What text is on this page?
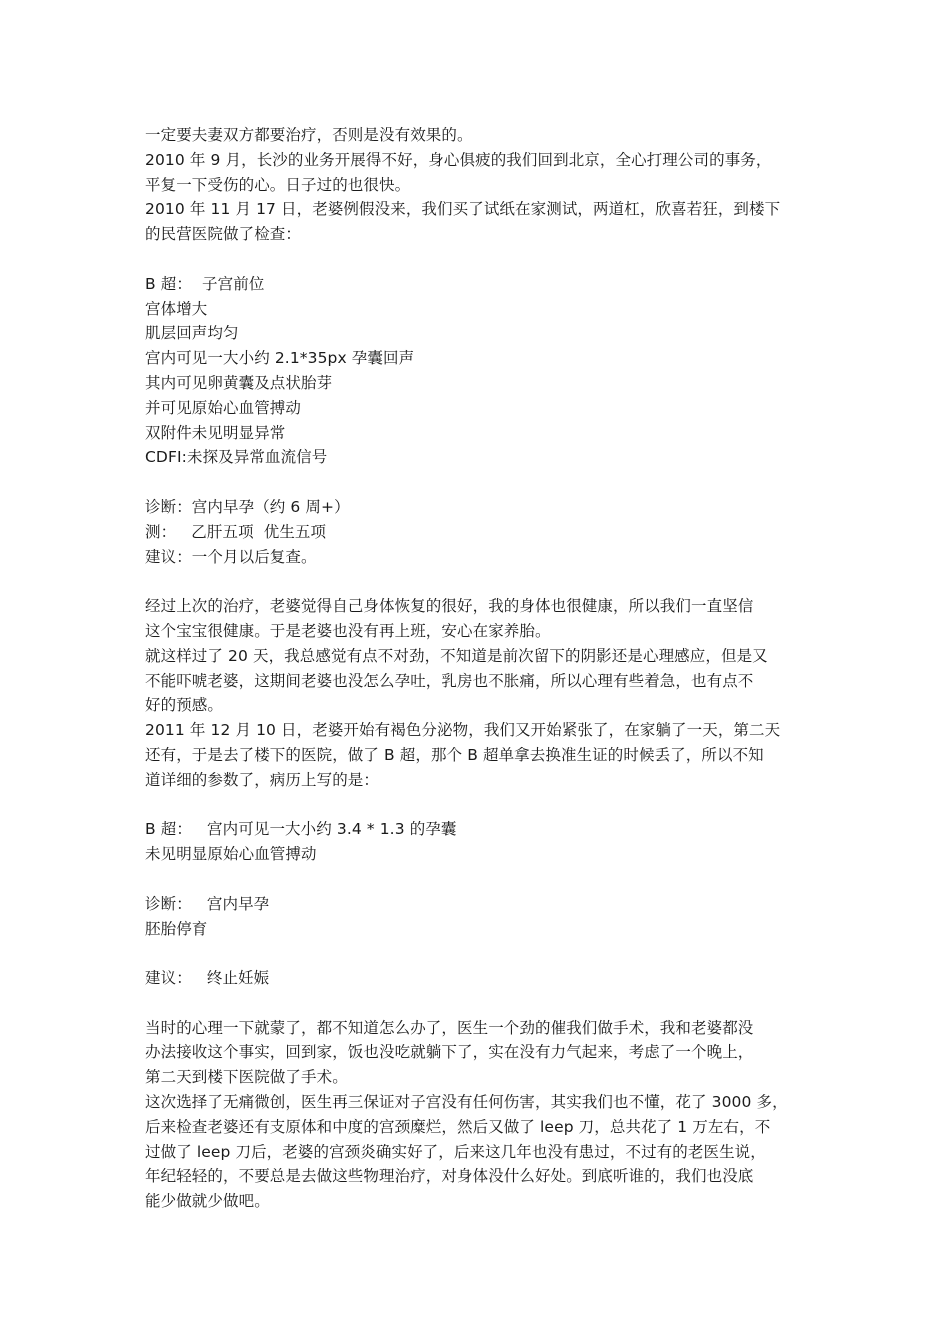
一定要夫妻双方都要治疗，否则是没有效果的。
2010 年 9 月，长沙的业务开展得不好，身心俱疲的我们回到北京，全心打理公司的事务，
平复一下受伤的心。日子过的也很快。
2010 年 11 月 17 日，老婆例假没来，我们买了试纸在家测试，两道杠，欣喜若狂，到楼下
的民营医院做了检查：
B 超：  子宫前位
宫体增大
肌层回声均匀
宫内可见一大小约 2.1*35px 孕囊回声
其内可见卵黄囊及点状胎芽
并可见原始心血管搏动
双附件未见明显异常
CDFI:未探及异常血流信号
诊断：宫内早孕（约 6 周+）
测：   乙肝五项  优生五项
建议：一个月以后复查。
经过上次的治疗，老婆觉得自己身体恢复的很好，我的身体也很健康，所以我们一直坚信
这个宝宝很健康。于是老婆也没有再上班，安心在家养胎。
就这样过了 20 天，我总感觉有点不对劲，不知道是前次留下的阴影还是心理感应，但是又
不能吓唬老婆，这期间老婆也没怎么孕吐，乳房也不胀痛，所以心理有些着急，也有点不
好的预感。
2011 年 12 月 10 日，老婆开始有褐色分泌物，我们又开始紧张了，在家躺了一天，第二天
还有，于是去了楼下的医院，做了 B 超，那个 B 超单拿去换准生证的时候丢了，所以不知
道详细的参数了，病历上写的是：
B 超：   宫内可见一大小约 3.4 * 1.3 的孕囊
未见明显原始心血管搏动
诊断：   宫内早孕
胚胎停育
建议：   终止妊娠
当时的心理一下就蒙了，都不知道怎么办了，医生一个劲的催我们做手术，我和老婆都没
办法接收这个事实，回到家，饭也没吃就躺下了，实在没有力气起来，考虑了一个晚上，
第二天到楼下医院做了手术。
这次选择了无痛微创，医生再三保证对子宫没有任何伤害，其实我们也不懂，花了 3000 多，
后来检查老婆还有支原体和中度的宫颈糜烂，然后又做了 leep 刀，总共花了 1 万左右，不
过做了 leep 刀后，老婆的宫颈炎确实好了，后来这几年也没有患过，不过有的老医生说，
年纪轻轻的，不要总是去做这些物理治疗，对身体没什么好处。到底听谁的，我们也没底
能少做就少做吧。
